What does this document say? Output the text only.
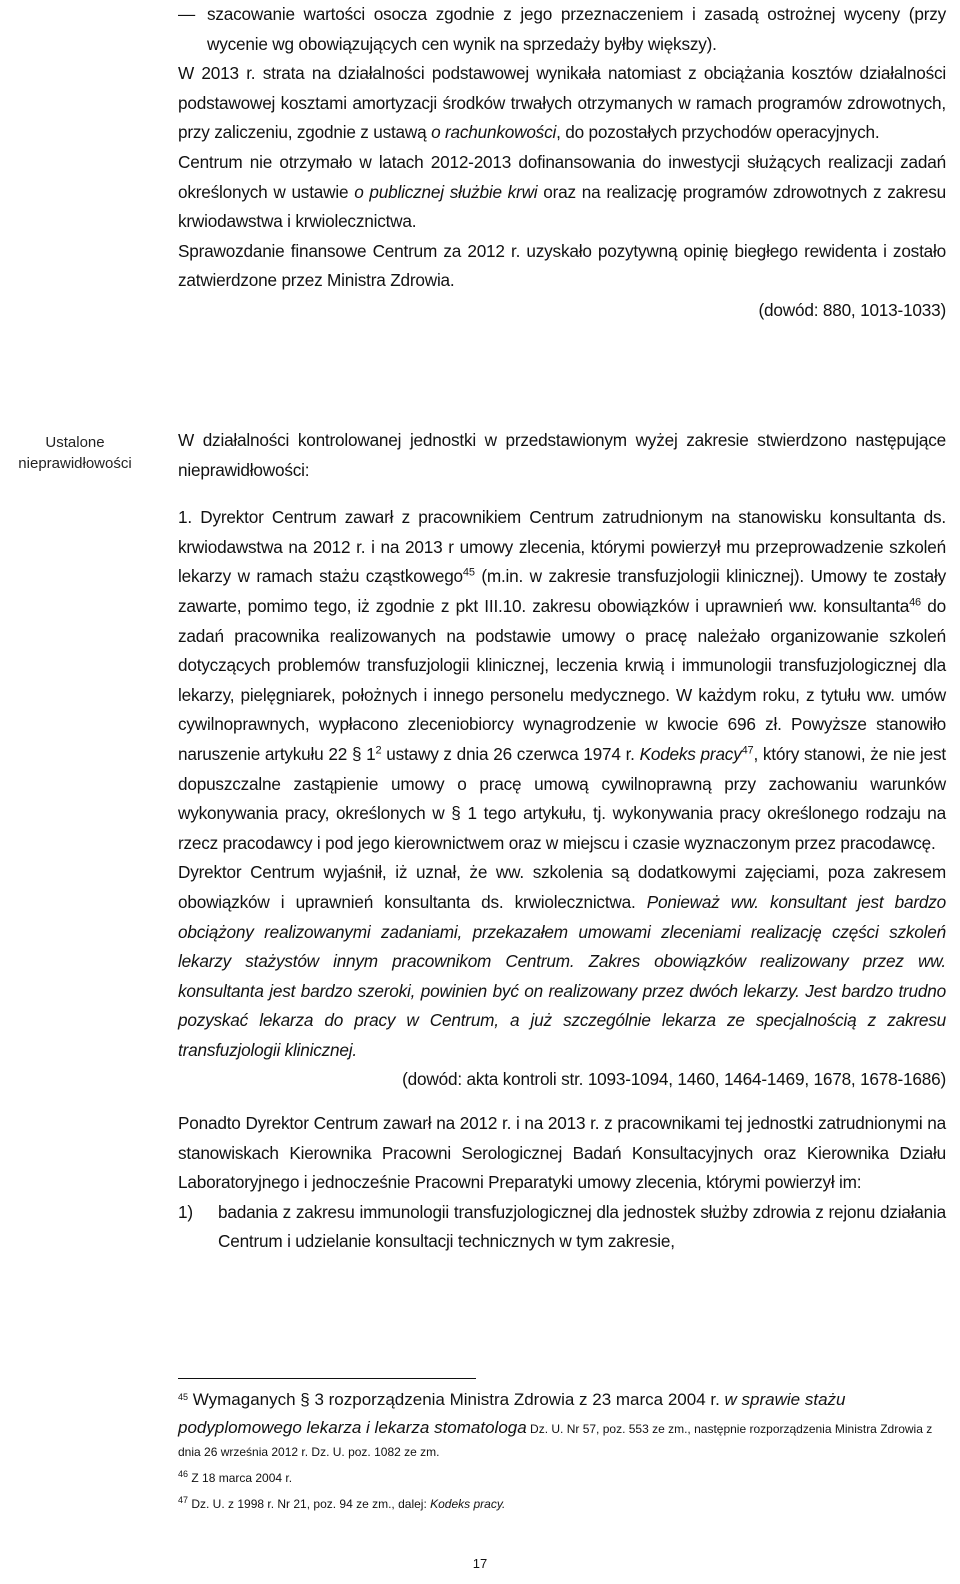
Ustalone nieprawidłowości

— szacowanie wartości osocza zgodnie z jego przeznaczeniem i zasadą ostrożnej wyceny (przy wycenie wg obowiązujących cen wynik na sprzedaży byłby większy).

W 2013 r. strata na działalności podstawowej wynikała natomiast z obciążania kosztów działalności podstawowej kosztami amortyzacji środków trwałych otrzymanych w ramach programów zdrowotnych, przy zaliczeniu, zgodnie z ustawą o rachunkowości, do pozostałych przychodów operacyjnych.

Centrum nie otrzymało w latach 2012-2013 dofinansowania do inwestycji służących realizacji zadań określonych w ustawie o publicznej służbie krwi oraz na realizację programów zdrowotnych z zakresu krwiodawstwa i krwiolecznictwa.

Sprawozdanie finansowe Centrum za 2012 r. uzyskało pozytywną opinię biegłego rewidenta i zostało zatwierdzone przez Ministra Zdrowia.

(dowód: 880, 1013-1033)

W działalności kontrolowanej jednostki w przedstawionym wyżej zakresie stwierdzono następujące nieprawidłowości:

1. Dyrektor Centrum zawarł z pracownikiem Centrum zatrudnionym na stanowisku konsultanta ds. krwiodawstwa na 2012 r. i na 2013 r umowy zlecenia, którymi powierzył mu przeprowadzenie szkoleń lekarzy w ramach stażu cząstkowego$^{45}$ (m.in. w zakresie transfuzjologii klinicznej). Umowy te zostały zawarte, pomimo tego, iż zgodnie z pkt III.10. zakresu obowiązków i uprawnień ww. konsultanta$^{46}$ do zadań pracownika realizowanych na podstawie umowy o pracę należało organizowanie szkoleń dotyczących problemów transfuzjologii klinicznej, leczenia krwią i immunologii transfuzjologicznej dla lekarzy, pielęgniarek, położnych i innego personelu medycznego. W każdym roku, z tytułu ww. umów cywilnoprawnych, wypłacono zleceniobiorcy wynagrodzenie w kwocie 696 zł. Powyższe stanowiło naruszenie artykułu 22 § $1^2$ ustawy z dnia 26 czerwca 1974 r. Kodeks pracy$^{47}$, który stanowi, że nie jest dopuszczalne zastąpienie umowy o pracę umową cywilnoprawną przy zachowaniu warunków wykonywania pracy, określonych w § 1 tego artykułu, tj. wykonywania pracy określonego rodzaju na rzecz pracodawcy i pod jego kierownictwem oraz w miejscu i czasie wyznaczonym przez pracodawcę.

Dyrektor Centrum wyjaśnił, iż uznał, że ww. szkolenia są dodatkowymi zajęciami, poza zakresem obowiązków i uprawnień konsultanta ds. krwiolecznictwa. Ponieważ ww. konsultant jest bardzo obciążony realizowanymi zadaniami, przekazałem umowami zleceniami realizację części szkoleń lekarzy stażystów innym pracownikom Centrum. Zakres obowiązków realizowany przez ww. konsultanta jest bardzo szeroki, powinien być on realizowany przez dwóch lekarzy. Jest bardzo trudno pozyskać lekarza do pracy w Centrum, a już szczególnie lekarza ze specjalnością z zakresu transfuzjologii klinicznej.

(dowód: akta kontroli str. 1093-1094, 1460, 1464-1469, 1678, 1678-1686)

Ponadto Dyrektor Centrum zawarł na 2012 r. i na 2013 r. z pracownikami tej jednostki zatrudnionymi na stanowiskach Kierownika Pracowni Serologicznej Badań Konsultacyjnych oraz Kierownika Działu Laboratoryjnego i jednocześnie Pracowni Preparatyki umowy zlecenia, którymi powierzył im:

1) badania z zakresu immunologii transfuzjologicznej dla jednostek służby zdrowia z rejonu działania Centrum i udzielanie konsultacji technicznych w tym zakresie,

$^{45}$ Wymaganych § 3 rozporządzenia Ministra Zdrowia z 23 marca 2004 r. w sprawie stażu podyplomowego lekarza i lekarza stomatologa Dz. U. Nr 57, poz. 553 ze zm., następnie rozporządzenia Ministra Zdrowia z dnia 26 września 2012 r. Dz. U. poz. 1082 ze zm.

$^{46}$ Z 18 marca 2004 r.

$^{47}$ Dz. U. z 1998 r. Nr 21, poz. 94 ze zm., dalej: Kodeks pracy.

17
